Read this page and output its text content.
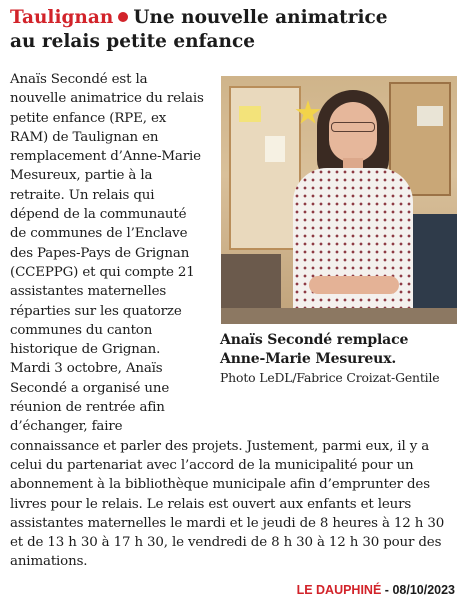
Taulignan Une nouvelle animatrice
au relais petite enfance

Anaïs Secondé remplace Anne-Marie Mesureux.
Photo LeDL/Fabrice Croizat-Gentile
Anaïs Secondé est la nouvelle animatrice du relais petite enfance (RPE, ex RAM) de Taulignan en remplacement d’Anne-Marie Mesureux, partie à la retraite. Un relais qui dépend de la communauté de communes de l’Enclave des Papes-Pays de Grignan (CCEPPG) et qui compte 21 assistantes maternelles réparties sur les quatorze communes du canton historique de Grignan. Mardi 3 octobre, Anaïs Secondé a organisé une réunion de rentrée afin d’échanger, faire connaissance et parler des projets. Justement, parmi eux, il y a celui du partenariat avec l’accord de la municipalité pour un abonnement à la bibliothèque municipale afin d’emprunter des livres pour le relais. Le relais est ouvert aux enfants et leurs assistantes maternelles le mardi et le jeudi de 8 heures à 12 h 30 et de 13 h 30 à 17 h 30, le vendredi de 8 h 30 à 12 h 30 pour des animations.

LE DAUPHINÉ - 08/10/2023
